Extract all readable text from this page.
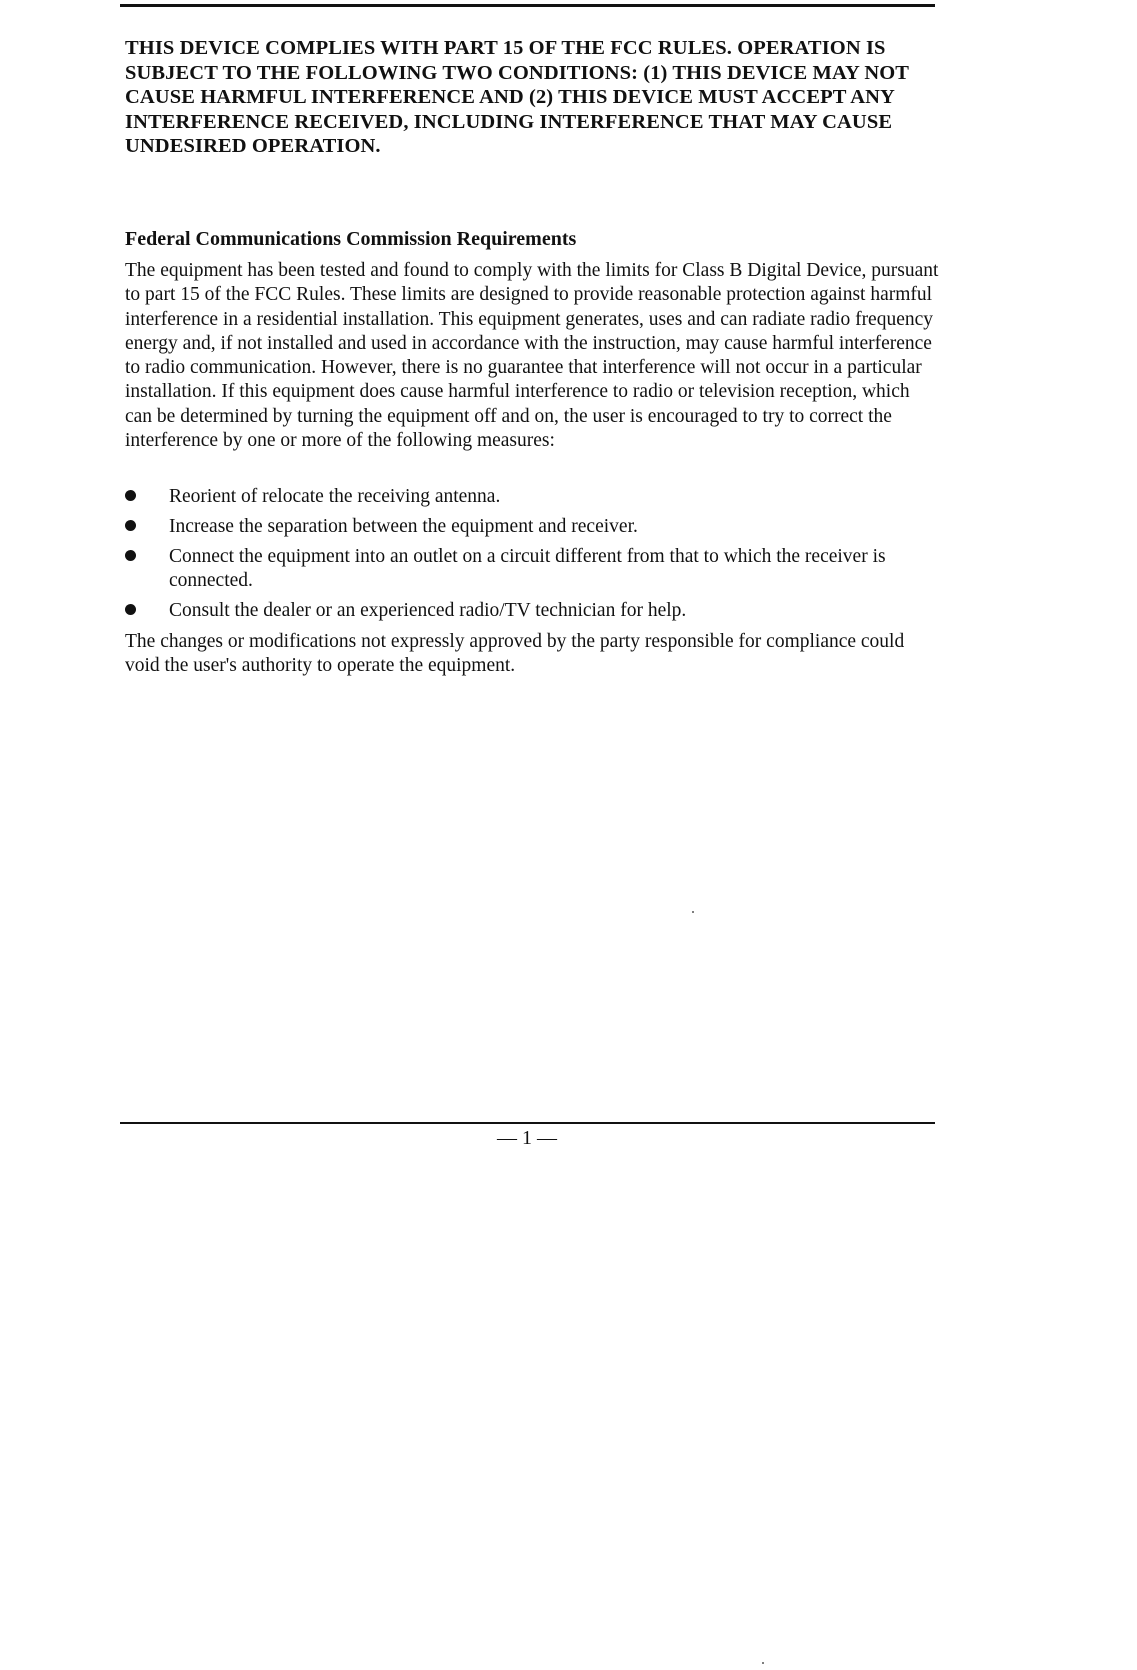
THIS DEVICE COMPLIES WITH PART 15 OF THE FCC RULES. OPERATION IS SUBJECT TO THE FOLLOWING TWO CONDITIONS: (1) THIS DEVICE MAY NOT CAUSE HARMFUL INTERFERENCE AND (2) THIS DEVICE MUST ACCEPT ANY INTERFERENCE RECEIVED, INCLUDING INTERFERENCE THAT MAY CAUSE UNDESIRED OPERATION.

Federal Communications Commission Requirements

The equipment has been tested and found to comply with the limits for Class B Digital Device, pursuant to part 15 of the FCC Rules. These limits are designed to provide reasonable protection against harmful interference in a residential installation. This equipment generates, uses and can radiate radio frequency energy and, if not installed and used in accordance with the instruction, may cause harmful interference to radio communication. However, there is no guarantee that interference will not occur in a particular installation. If this equipment does cause harmful interference to radio or television reception, which can be determined by turning the equipment off and on, the user is encouraged to try to correct the interference by one or more of the following measures:

Reorient of relocate the receiving antenna.
Increase the separation between the equipment and receiver.
Connect the equipment into an outlet on a circuit different from that to which the receiver is connected.
Consult the dealer or an experienced radio/TV technician for help.

The changes or modifications not expressly approved by the party responsible for compliance could void the user's authority to operate the equipment.

— 1 —
